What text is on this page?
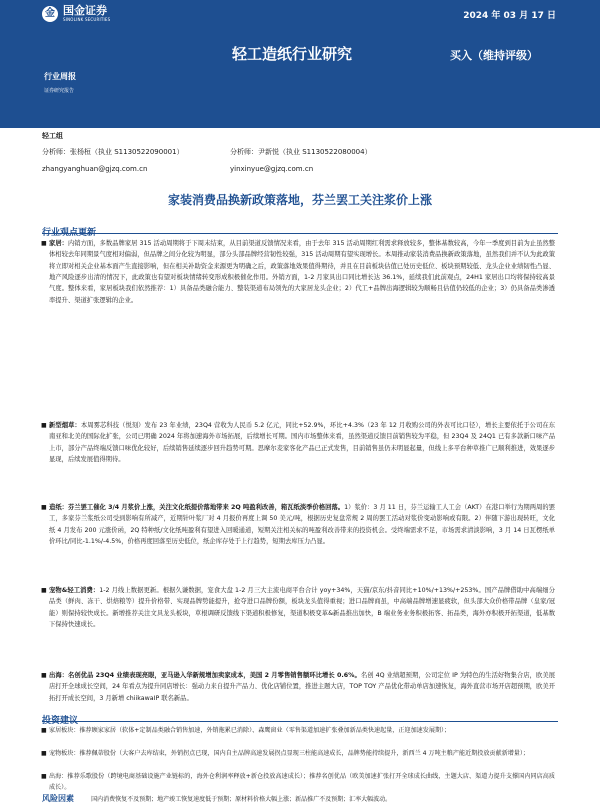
金 国金证券
SINOLINK SECURITIES	2024 年 03 月 17 日
轻工造纸行业研究	买入（维持评级）
行业周报
证券研究报告
轻工组
分析师：张杨桓（执业 S1130522090001）	分析师：尹新悦（执业 S1130522080004）
zhangyanghuan@gjzq.com.cn	yinxinyue@gjzq.com.cn
家装消费品换新政策落地，芬兰罢工关注浆价上涨
行业观点更新
■ 家居：内销方面，多数品牌家居 315 活动周期将于下周末结束，从目前渠道反馈情况来看，由于去年 315 活动周期红利需求释放较多，整体基数较高，今年一季度到目前为止虽然整体相较去年同期景气度相对偏弱，但品牌之间分化较为明显，部分头部品牌经营韧性较强，315 活动周期有望实现增长。本周推动家装消费品换新政策落地，虽然我们并不认为此政策将立即对相关企业基本面产生直接影响，但在相关补助资金来源更为明确之后，政策落地效果值得期待，并且在目前板块估值已处历史低位、板块预期较低、龙头企业业绩韧性凸显、地产风险逐步出清的情况下，此政策也有望对板块情绪转变形成积极催化作用。外销方面，1-2 月家具出口同比增长达 36.1%，延续我们此前观点，24H1 家居出口均将保持较高景气度。整体来看，家居板块我们依然推荐：1）具备品类融合能力、整装渠道布局领先的大家居龙头企业；2）代工+品牌出海逻辑较为顺畅且估值仍较低的企业；3）仍具备品类渗透率提升、渠道扩张逻辑的企业。
■ 新型烟草：本周雾芯科技（悦刻）发布 23 年业绩，23Q4 营收为人民币 5.2 亿元，同比+52.9%，环比+4.3%（23 年 12 月收购公司的外表可比口径），增长主要依托于公司在东南亚和北美的国际化扩张，公司已明确 2024 年将加速海外市场拓展，后续增长可期。国内市场整体来看，虽然渠道反馈目前销售较为平稳，但 23Q4 及 24Q1 已有多款新口味产品上市，部分产品终端反馈口味优化较好，后续销售延续逐步回升趋势可期。思摩尔麦家客化产品已正式发售，目前销售虽仍未明显起量，但线上多平台种草推广已顺利推进，效果逐步显现，后续发展值得期待。
■ 造纸：芬兰罢工催化 3/4 月浆价上涨，关注文化纸提价落地带来 2Q 吨盈利改善，箱瓦纸淡季价格回落。1）浆价：3 月 11 日，芬兰运输工人工会（AKT）在港口举行为期两周的罢工，多家芬兰浆纸公司受到影响有所减产，近期针叶浆厂对 4 月报价再度上调 50 美元/吨，根据历史复盘常规 2 周的罢工活动对浆价变动影响或有限。2）伴随下游出现转旺，文化纸 4 月发布 200 元涨价函，2Q 特种纸/文化纸吨盈利有望进入回暖通道，短期关注相关标的吨盈利改善带来的投资机会。受终端需求不足，市场需求清淡影响，3 月 14 日瓦楞纸单价环比/同比-1.1%/-4.5%，价格再度回落至历史低位，纸企库存处于上行趋势，短期去库压力凸显。
■ 宠物&轻工消费：1-2 月线上数据更新。根据久谦数据，宠食大盘 1-2 月三大主流电商平台合计 yoy+34%，天猫/京东/抖音同比+10%/+13%/+253%。国产品牌借助中高端细分品类（鲜肉、冻干、烘焙粮等）提升价格带、实现品牌势能提升，抢夺进口品牌份额，板块龙头值得重视；进口品牌商虽，中高端品牌增速显疲软，但头部大众价格带品牌（皇家/冠能）则保持较快成长。新增推荐关注文具龙头板块，草根调研反馈线下渠道积极修复，渠道积极变革&新品推出加快，B 端业务业务积极拓客、拓品类，海外亦积极开拓渠道，低基数下保持快速成长。
■ 出海：名创优品 23Q4 业绩表现亮眼，亚马逊入华新规增加卖家成本，美国 2 月零售销售额环比增长 0.6%。名创 4Q 业绩超预期，公司定位 IP 为特色的生活好物集合店，欧美展店打开全球成长空间，24 年看点为提升同店增长：强动力来自提升产品力、优化店铺位置，推进主题大店，TOP TOY 产品优化带动单店加速恢复，海外直营市场开店超预期，欧美开拓打开成长空间，3 月新增 chiikawaIP 联名新品。
投资建议
■ 家居板块：推荐顾家家居（软体+定制品类融合销售加速，外销拖累已消除）、森鹰窗业（零售渠道加速扩张叠加新品类快速起量，正迎加速发展期）；
■ 宠物板块：推荐佩蒂股份（大客户去库结束，外销拐点已现，国内自主品牌高速发展拐点显现三柱能高速成长，品牌势能持续提升，新西兰 4 万吨主粮产能近期投放贡献新增量）；
■ 出海：推荐乐歌股份（跨境电商基础设施产业链标的，海外仓利润率释放+新仓投放高速成长）；推荐名创优品（欧美加速扩张打开全球成长曲线，主题大店、渠道力提升支撑国内同店高质成长）。
风险因素	国内消费恢复不及预期；地产竣工恢复速度低于预期；原材料价格大幅上涨；新品推广不及预期；汇率大幅波动。
